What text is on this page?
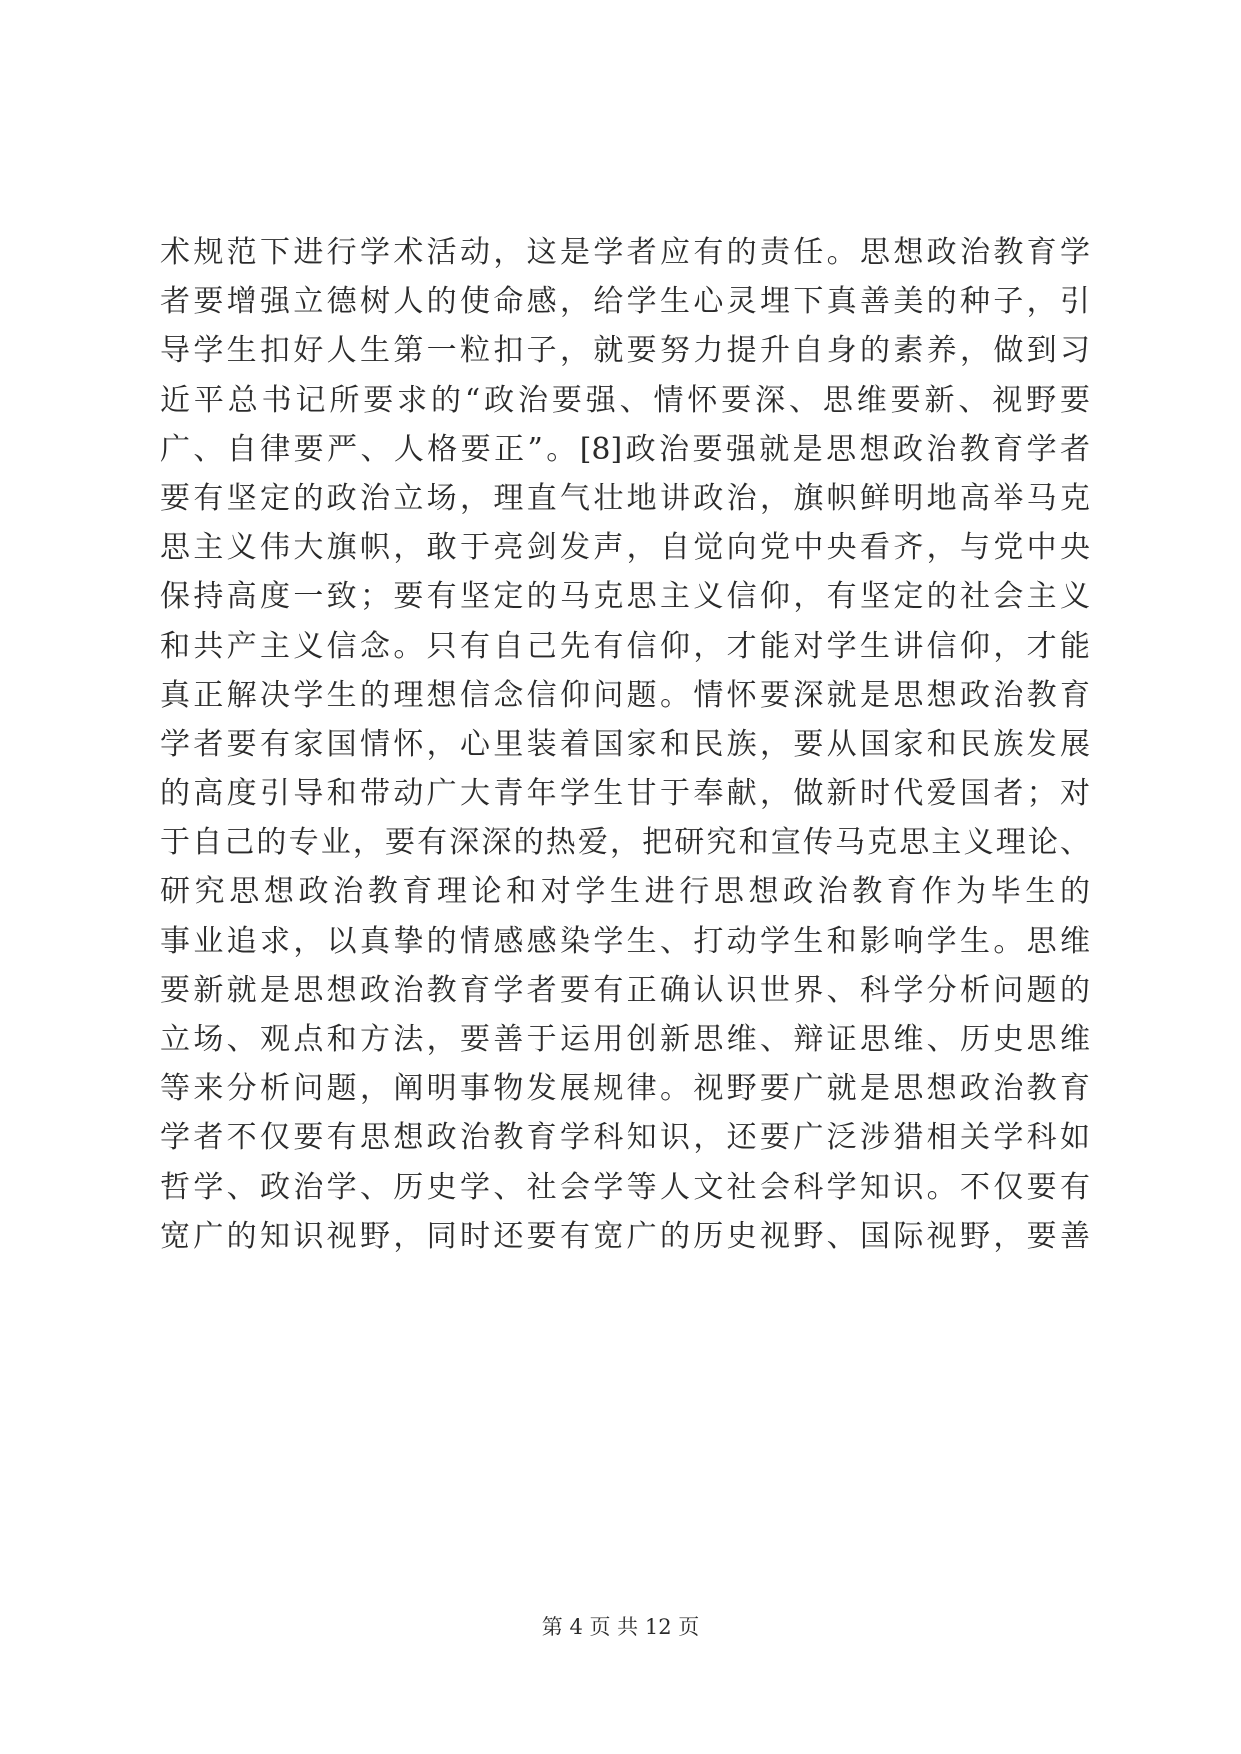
术规范下进行学术活动，这是学者应有的责任。思想政治教育学
者要增强立德树人的使命感，给学生心灵埋下真善美的种子，引
导学生扣好人生第一粒扣子，就要努力提升自身的素养，做到习
近平总书记所要求的“政治要强、情怀要深、思维要新、视野要
广、自律要严、人格要正”。[8]政治要强就是思想政治教育学者
要有坚定的政治立场，理直气壮地讲政治，旗帜鲜明地高举马克
思主义伟大旗帜，敢于亮剑发声，自觉向党中央看齐，与党中央
保持高度一致；要有坚定的马克思主义信仰，有坚定的社会主义
和共产主义信念。只有自己先有信仰，才能对学生讲信仰，才能
真正解决学生的理想信念信仰问题。情怀要深就是思想政治教育
学者要有家国情怀，心里装着国家和民族，要从国家和民族发展
的高度引导和带动广大青年学生甘于奉献，做新时代爱国者；对
于自己的专业，要有深深的热爱，把研究和宣传马克思主义理论、
研究思想政治教育理论和对学生进行思想政治教育作为毕生的
事业追求，以真挚的情感感染学生、打动学生和影响学生。思维
要新就是思想政治教育学者要有正确认识世界、科学分析问题的
立场、观点和方法，要善于运用创新思维、辩证思维、历史思维
等来分析问题，阐明事物发展规律。视野要广就是思想政治教育
学者不仅要有思想政治教育学科知识，还要广泛涉猎相关学科如
哲学、政治学、历史学、社会学等人文社会科学知识。不仅要有
宽广的知识视野，同时还要有宽广的历史视野、国际视野，要善
第 4 页 共 12 页
